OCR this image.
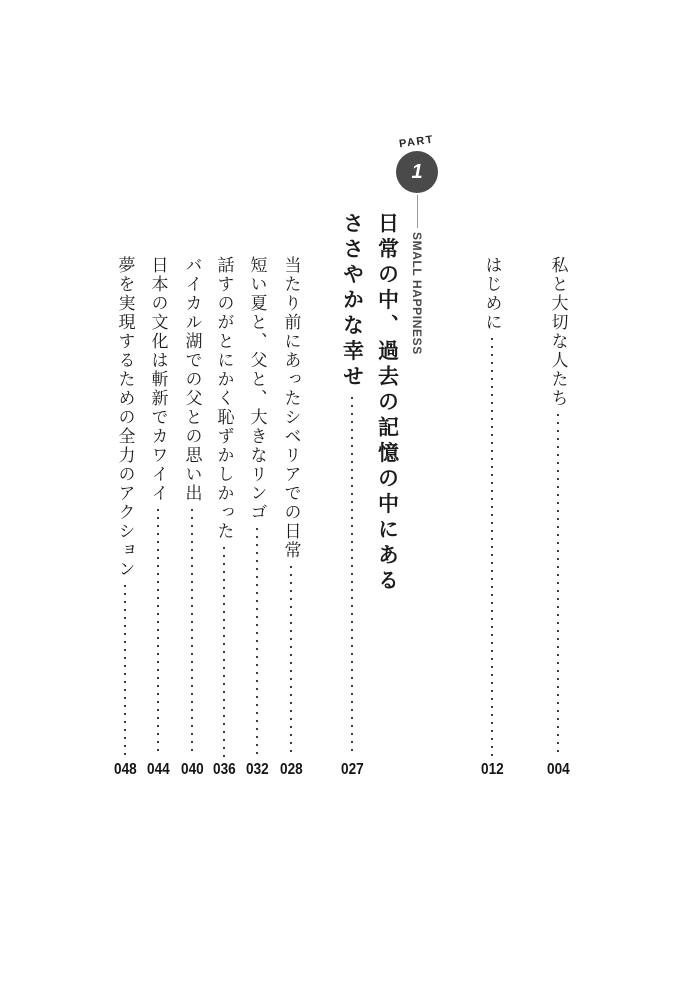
PART
1
SMALL HAPPINESS	私と大切な人たち
004
はじめに
012
日常の中、過去の記憶の中にある
ささやかな幸せ
027
当たり前にあったシベリアでの日常
028
短い夏と、父と、大きなリンゴ
032
話すのがとにかく恥ずかしかった
036
バイカル湖での父との思い出
040
日本の文化は斬新でカワイイ
044
夢を実現するための全力のアクション
048
